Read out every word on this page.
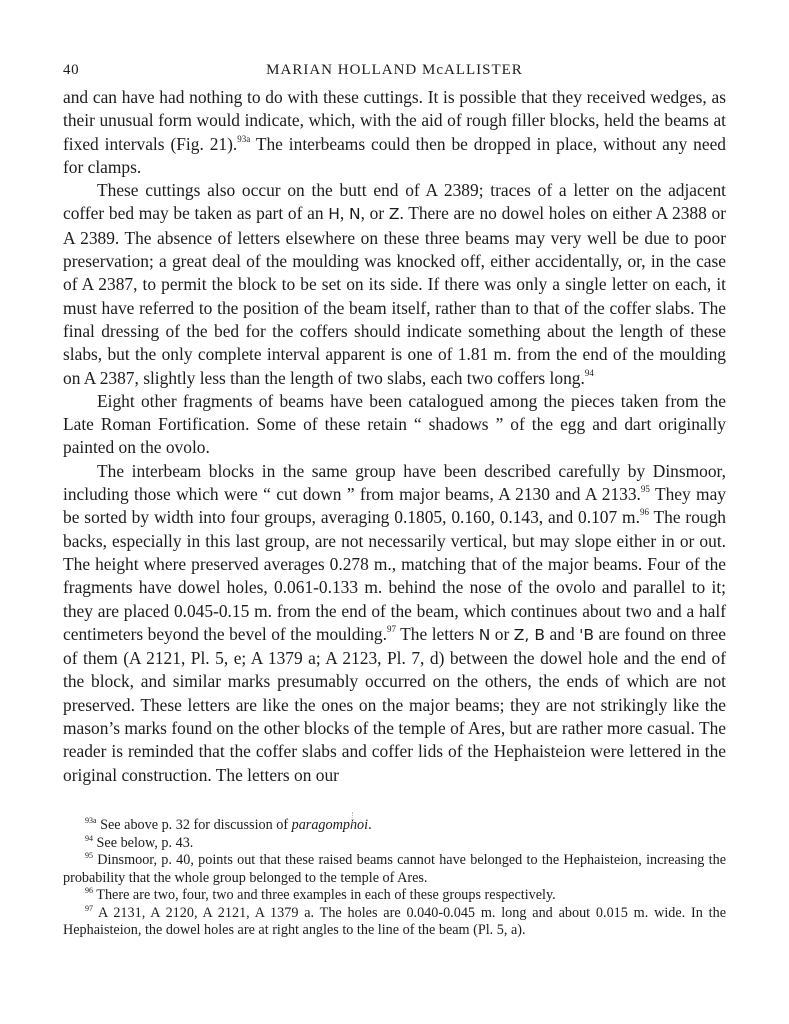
40	MARIAN HOLLAND McALLISTER

and can have had nothing to do with these cuttings. It is possible that they received wedges, as their unusual form would indicate, which, with the aid of rough filler blocks, held the beams at fixed intervals (Fig. 21).$^{93a}$ The interbeams could then be dropped in place, without any need for clamps.

These cuttings also occur on the butt end of A 2389; traces of a letter on the adjacent coffer bed may be taken as part of an H, N, or Z. There are no dowel holes on either A 2388 or A 2389. The absence of letters elsewhere on these three beams may very well be due to poor preservation; a great deal of the moulding was knocked off, either accidentally, or, in the case of A 2387, to permit the block to be set on its side. If there was only a single letter on each, it must have referred to the position of the beam itself, rather than to that of the coffer slabs. The final dressing of the bed for the coffers should indicate something about the length of these slabs, but the only complete interval apparent is one of 1.81 m. from the end of the moulding on A 2387, slightly less than the length of two slabs, each two coffers long.$^{94}$

Eight other fragments of beams have been catalogued among the pieces taken from the Late Roman Fortification. Some of these retain “ shadows ” of the egg and dart originally painted on the ovolo.

The interbeam blocks in the same group have been described carefully by Dinsmoor, including those which were “ cut down ” from major beams, A 2130 and A 2133.95 They may be sorted by width into four groups, averaging 0.1805, 0.160, 0.143, and 0.107 m.$^{96}$ The rough backs, especially in this last group, are not necessarily vertical, but may slope either in or out. The height where preserved averages 0.278 m., matching that of the major beams. Four of the fragments have dowel holes, 0.061-0.133 m. behind the nose of the ovolo and parallel to it; they are placed 0.045-0.15 m. from the end of the beam, which continues about two and a half centimeters beyond the bevel of the moulding.$^{97}$ The letters N or Z, B and 'B are found on three of them (A 2121, Pl. 5, e; A 1379 a; A 2123, Pl. 7, d) between the dowel hole and the end of the block, and similar marks presumably occurred on the others, the ends of which are not preserved. These letters are like the ones on the major beams; they are not strikingly like the mason’s marks found on the other blocks of the temple of Ares, but are rather more casual. The reader is reminded that the coffer slabs and coffer lids of the Hephaisteion were lettered in the original construction. The letters on our

$^{93a}$ See above p. 32 for discussion of paragomphoi.

$^{94}$ See below, p. 43.

$^{95}$ Dinsmoor, p. 40, points out that these raised beams cannot have belonged to the Hephaisteion, increasing the probability that the whole group belonged to the temple of Ares.

$^{96}$ There are two, four, two and three examples in each of these groups respectively.

$^{97}$ A 2131, A 2120, A 2121, A 1379 a. The holes are 0.040-0.045 m. long and about 0.015 m. wide. In the Hephaisteion, the dowel holes are at right angles to the line of the beam (Pl. 5, a).
